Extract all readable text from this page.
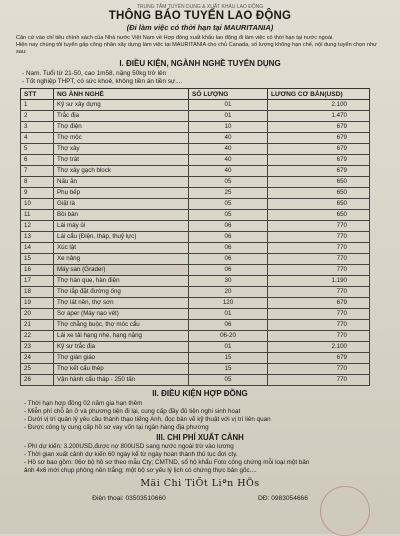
TRUNG TÂM TUYỂN DỤNG & XUẤT KHẨU LAO ĐỘNG
THÔNG BÁO TUYỂN LAO ĐỘNG
(Đi làm việc có thời hạn tại MAURITANIA)
Căn cứ vào chỉ tiêu chính sách của Nhà nước Việt Nam về Hợp đồng xuất khẩu lao động đi làm việc có thời hạn tại nước ngoài.
Hiện nay chúng tôi tuyển gấp công nhân xây dựng làm việc tại MAURITANIA cho chủ Canada, số lượng không hạn chế, nội dung tuyển chọn như sau:
I. ĐIỀU KIỆN, NGÀNH NGHỀ TUYỂN DỤNG
- Nam. Tuổi từ 21-50, cao 1m58, nặng 50kg trở lên
- Tốt nghiệp THPT, có sức khoẻ, không tiền án tiền sự....
STT	NG ÀNH NGHỀ	SỐ LƯỢNG	LƯƠNG CƠ BẢN(USD)
1	Kỹ sư xây dựng	01	2.100
2	Trắc địa	01	1.470
3	Thợ điện	10	679
4	Thợ mộc	40	679
5	Thợ xây	40	679
6	Thợ trát	40	679
7	Thợ xây gạch block	40	679
8	Nấu ăn	05	650
9	Phụ bếp	25	650
10	Giặt là	05	650
11	Bồi bàn	05	650
12	Lái máy ủi	06	770
13	Lái cẩu (Điện, tháp, thuỷ lực)	06	770
14	Xúc lật	06	770
15	Xe nâng	06	770
16	Máy san (Grader)	06	770
17	Thợ hàn que, hàn điện	30	1.190
18	Thợ lắp đặt đường ống	20	770
19	Thợ lát nền, thợ sơn	120	679
20	Sơ aper (Máy nạo vét)	01	770
21	Thợ chằng buộc, thợ móc cẩu	06	770
22	Lái xe tải hạng nhẹ, hạng nặng	06-20	770
23	Kỹ sư trắc địa	01	2.100
24	Thợ giàn giáo	15	679
25	Thợ kết cấu thép	15	770
26	Vận hành cẩu tháp - 250 tấn	05	770
II. ĐIỀU KIỆN HỢP ĐỒNG
- Thời hạn hợp đồng 02 năm gia hạn thêm
- Miễn phí chỗ ăn ở và phương tiện đi lại, cung cấp đầy đủ tiện nghi sinh hoạt
- Dưới vị trí quản lý yêu cầu thành thạo tiếng Anh, đọc bản vẽ kỹ thuật với vị trí liên quan
- Được công ty cung cấp hồ sơ vay vốn tại ngân hàng địa phương
III. CHI PHÍ XUẤT CẢNH
- Phí dự kiến: 3.200USD,được nợ 800USD sang nước ngoài trừ vào lương
- Thời gian xuất cảnh dự kiến 60 ngày kể từ ngày hoàn thành thủ tục đơi cty.
- Hồ sơ bao gồm: 06ơ bộ hồ sơ theo mẫu Cty; CMTND, sổ hộ khẩu Foto công chứng mỗi loại một bản
ảnh 4x6 mới chụp phông nền trắng; một bộ sơ yếu lý lịch có chứng thực bản gốc....
Mäi Chi TiÕt Liªn HÖs
Điện thoại: 03503510660	DĐ: 0983054666
